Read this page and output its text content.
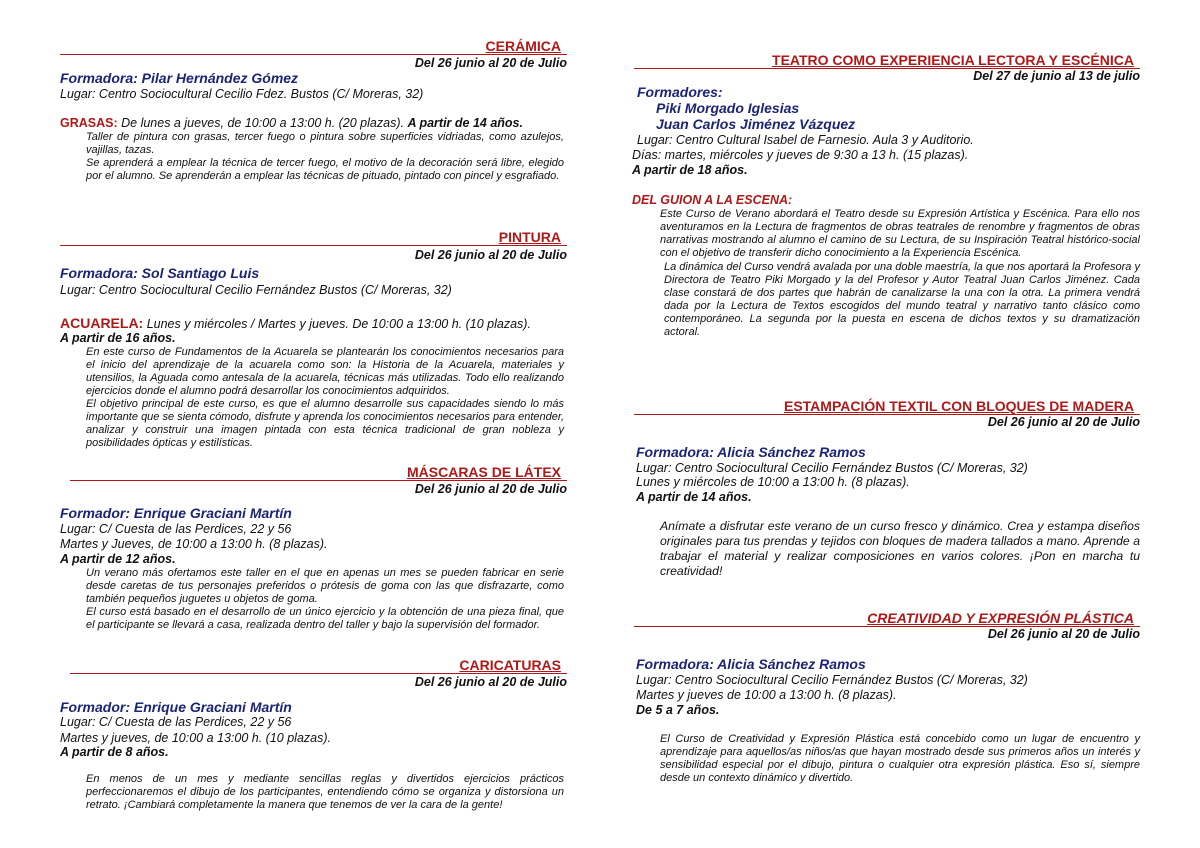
CERÁMICA
Del 26 junio al 20 de Julio
Formadora: Pilar Hernández Gómez
Lugar: Centro Sociocultural Cecilio Fdez. Bustos (C/ Moreras, 32)
GRASAS: De lunes a jueves, de 10:00 a 13:00 h. (20 plazas). A partir de 14 años.
Taller de pintura con grasas, tercer fuego o pintura sobre superficies vidriadas, como azulejos, vajillas, tazas.
Se aprenderá a emplear la técnica de tercer fuego, el motivo de la decoración será libre, elegido por el alumno. Se aprenderán a emplear las técnicas de pituado, pintado con pincel y esgrafiado.
PINTURA
Del 26 junio al 20 de Julio
Formadora: Sol Santiago Luis
Lugar: Centro Sociocultural Cecilio Fernández Bustos (C/ Moreras, 32)
ACUARELA: Lunes y miércoles / Martes y jueves. De 10:00 a 13:00 h. (10 plazas).
A partir de 16 años.
En este curso de Fundamentos de la Acuarela se plantearán los conocimientos necesarios para el inicio del aprendizaje de la acuarela como son: la Historia de la Acuarela, materiales y utensilios, la Aguada como antesala de la acuarela, técnicas más utilizadas. Todo ello realizando ejercicios donde el alumno podrá desarrollar los conocimientos adquiridos.
El objetivo principal de este curso, es que el alumno desarrolle sus capacidades siendo lo más importante que se sienta cómodo, disfrute y aprenda los conocimientos necesarios para entender, analizar y construir una imagen pintada con esta técnica tradicional de gran nobleza y posibilidades ópticas y estilísticas.
MÁSCARAS DE LÁTEX
Del 26 junio al 20 de Julio
Formador: Enrique Graciani Martín
Lugar: C/ Cuesta de las Perdices, 22 y 56
Martes y Jueves, de 10:00 a 13:00 h. (8 plazas).
A partir de 12 años.
Un verano más ofertamos este taller en el que en apenas un mes se pueden fabricar en serie desde caretas de tus personajes preferidos o prótesis de goma con las que disfrazarte, como también pequeños juguetes u objetos de goma.
El curso está basado en el desarrollo de un único ejercicio y la obtención de una pieza final, que el participante se llevará a casa, realizada dentro del taller y bajo la supervisión del formador.
CARICATURAS
Del 26 junio al 20 de Julio
Formador: Enrique Graciani Martín
Lugar: C/ Cuesta de las Perdices, 22 y 56
Martes y jueves, de 10:00 a 13:00 h. (10 plazas).
A partir de 8 años.
En menos de un mes y mediante sencillas reglas y divertidos ejercicios prácticos perfeccionaremos el dibujo de los participantes, entendiendo cómo se organiza y distorsiona un retrato. ¡Cambiará completamente la manera que tenemos de ver la cara de la gente!
TEATRO COMO EXPERIENCIA LECTORA Y ESCÉNICA
Del 27 de junio al 13 de julio
Formadores:
Piki Morgado Iglesias
Juan Carlos Jiménez Vázquez
Lugar: Centro Cultural Isabel de Farnesio. Aula 3 y Auditorio.
Días: martes, miércoles y jueves de 9:30 a 13 h. (15 plazas).
A partir de 18 años.
DEL GUION A LA ESCENA:
Este Curso de Verano abordará el Teatro desde su Expresión Artística y Escénica. Para ello nos aventuramos en la Lectura de fragmentos de obras teatrales de renombre y fragmentos de obras narrativas mostrando al alumno el camino de su Lectura, de su Inspiración Teatral histórico-social con el objetivo de transferir dicho conocimiento a la Experiencia Escénica.
La dinámica del Curso vendrá avalada por una doble maestría, la que nos aportará la Profesora y Directora de Teatro Piki Morgado y la del Profesor y Autor Teatral Juan Carlos Jiménez. Cada clase constará de dos partes que habrán de canalizarse la una con la otra. La primera vendrá dada por la Lectura de Textos escogidos del mundo teatral y narrativo tanto clásico como contemporáneo. La segunda por la puesta en escena de dichos textos y su dramatización actoral.
ESTAMPACIÓN TEXTIL CON BLOQUES DE MADERA
Del 26 junio al 20 de Julio
Formadora: Alicia Sánchez Ramos
Lugar: Centro Sociocultural Cecilio Fernández Bustos (C/ Moreras, 32)
Lunes y miércoles de 10:00 a 13:00 h. (8 plazas).
A partir de 14 años.
Anímate a disfrutar este verano de un curso fresco y dinámico. Crea y estampa diseños originales para tus prendas y tejidos con bloques de madera tallados a mano. Aprende a trabajar el material y realizar composiciones en varios colores. ¡Pon en marcha tu creatividad!
CREATIVIDAD Y EXPRESIÓN PLÁSTICA
Del 26 junio al 20 de Julio
Formadora: Alicia Sánchez Ramos
Lugar: Centro Sociocultural Cecilio Fernández Bustos (C/ Moreras, 32)
Martes y jueves de 10:00 a 13:00 h. (8 plazas).
De 5 a 7 años.
El Curso de Creatividad y Expresión Plástica está concebido como un lugar de encuentro y aprendizaje para aquellos/as niños/as que hayan mostrado desde sus primeros años un interés y sensibilidad especial por el dibujo, pintura o cualquier otra expresión plástica. Eso sí, siempre desde un contexto dinámico y divertido.
